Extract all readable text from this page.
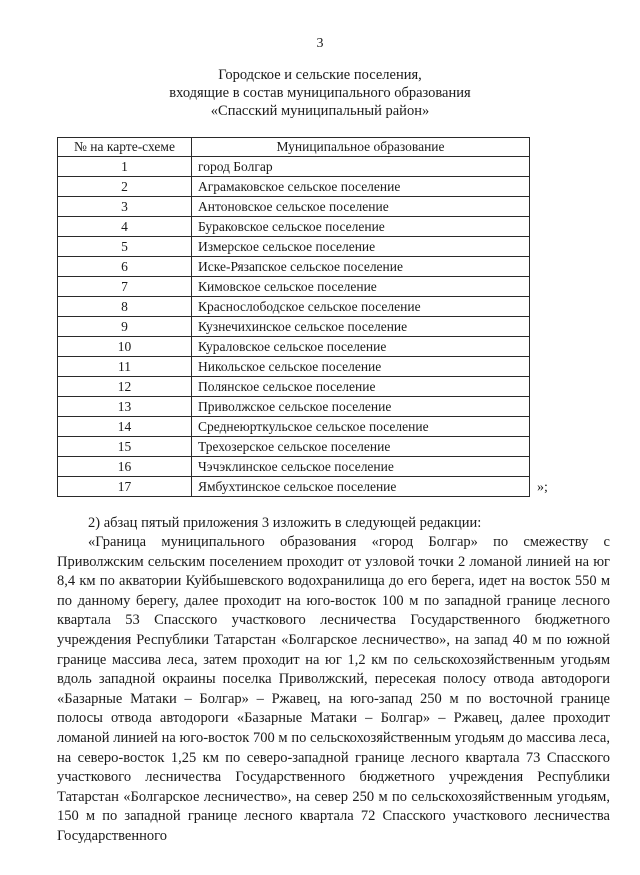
3
Городское и сельские поселения,
входящие в состав муниципального образования
«Спасский муниципальный район»
№ на карте-схеме	Муниципальное образование
1	город Болгар
2	Аграмаковское сельское поселение
3	Антоновское сельское поселение
4	Бураковское сельское поселение
5	Измерское сельское поселение
6	Иске-Рязапское сельское поселение
7	Кимовское сельское поселение
8	Краснослободское сельское поселение
9	Кузнечихинское сельское поселение
10	Кураловское сельское поселение
11	Никольское сельское поселение
12	Полянское сельское поселение
13	Приволжское сельское поселение
14	Среднеюрткульское сельское поселение
15	Трехозерское сельское поселение
16	Чэчэклинское сельское поселение
17	Ямбухтинское сельское поселение	»;
2) абзац пятый приложения 3 изложить в следующей редакции:

«Граница муниципального образования «город Болгар» по смежеству с Приволжским сельским поселением проходит от узловой точки 2 ломаной линией на юг 8,4 км по акватории Куйбышевского водохранилища до его берега, идет на восток 550 м по данному берегу, далее проходит на юго-восток 100 м по западной границе лесного квартала 53 Спасского участкового лесничества Государственного бюджетного учреждения Республики Татарстан «Болгарское лесничество», на запад 40 м по южной границе массива леса, затем проходит на юг 1,2 км по сельскохозяйственным угодьям вдоль западной окраины поселка Приволжский, пересекая полосу отвода автодороги «Базарные Матаки – Болгар» – Ржавец, на юго-запад 250 м по восточной границе полосы отвода автодороги «Базарные Матаки – Болгар» – Ржавец, далее проходит ломаной линией на юго-восток 700 м по сельскохозяйственным угодьям до массива леса, на северо-восток 1,25 км по северо-западной границе лесного квартала 73 Спасского участкового лесничества Государственного бюджетного учреждения Республики Татарстан «Болгарское лесничество», на север 250 м по сельскохозяйственным угодьям, 150 м по западной границе лесного квартала 72 Спасского участкового лесничества Государственного
